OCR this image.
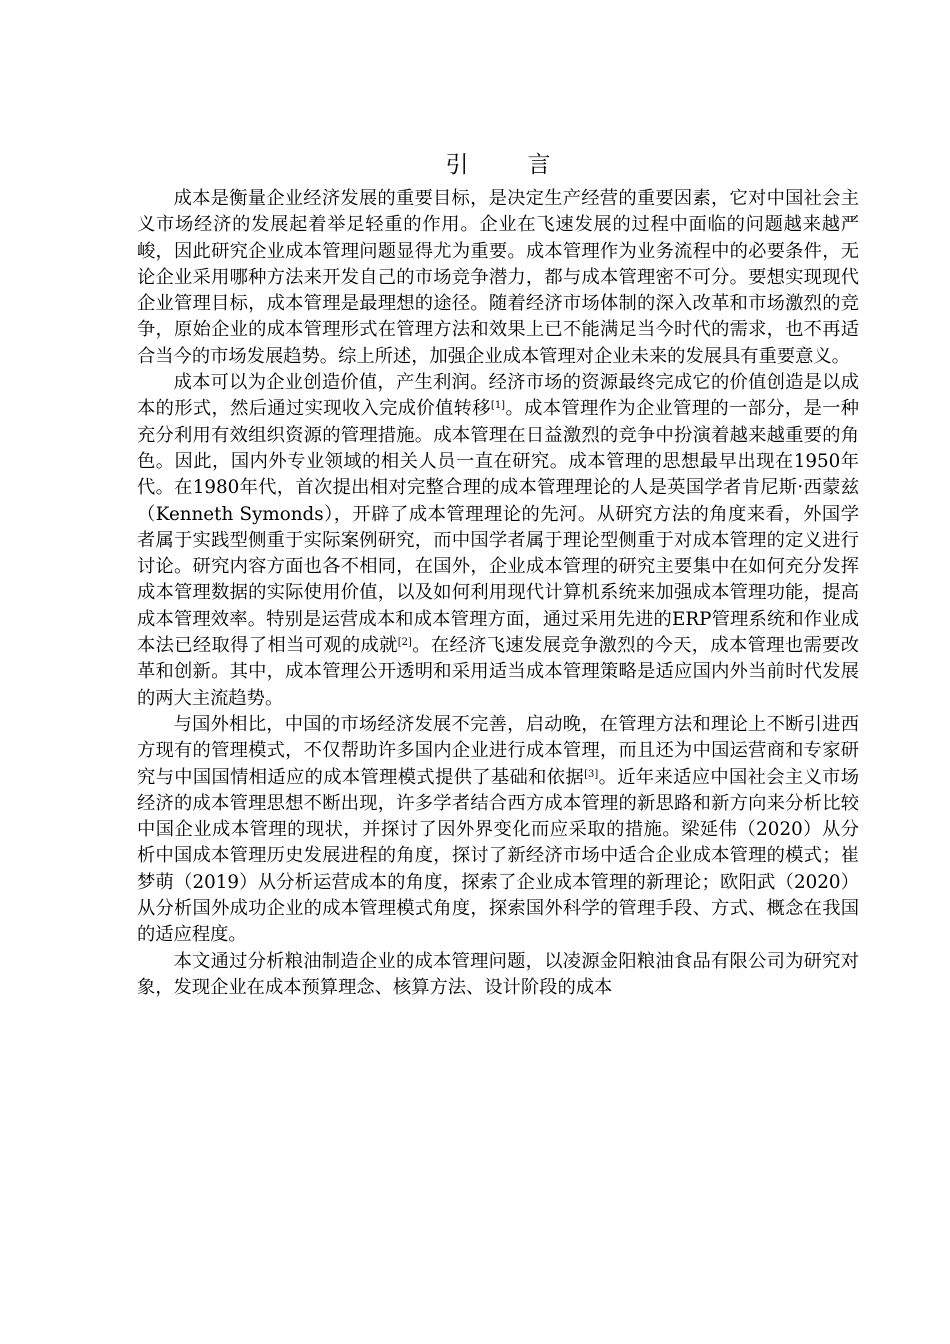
引　言

成本是衡量企业经济发展的重要目标，是决定生产经营的重要因素，它对中国社会主义市场经济的发展起着举足轻重的作用。企业在飞速发展的过程中面临的问题越来越严峻，因此研究企业成本管理问题显得尤为重要。成本管理作为业务流程中的必要条件，无论企业采用哪种方法来开发自己的市场竞争潜力，都与成本管理密不可分。要想实现现代企业管理目标，成本管理是最理想的途径。随着经济市场体制的深入改革和市场激烈的竞争，原始企业的成本管理形式在管理方法和效果上已不能满足当今时代的需求，也不再适合当今的市场发展趋势。综上所述，加强企业成本管理对企业未来的发展具有重要意义。

成本可以为企业创造价值，产生利润。经济市场的资源最终完成它的价值创造是以成本的形式，然后通过实现收入完成价值转移[1]。成本管理作为企业管理的一部分，是一种充分利用有效组织资源的管理措施。成本管理在日益激烈的竞争中扮演着越来越重要的角色。因此，国内外专业领域的相关人员一直在研究。成本管理的思想最早出现在1950年代。在1980年代，首次提出相对完整合理的成本管理理论的人是英国学者肯尼斯·西蒙兹（Kenneth Symonds），开辟了成本管理理论的先河。从研究方法的角度来看，外国学者属于实践型侧重于实际案例研究，而中国学者属于理论型侧重于对成本管理的定义进行讨论。研究内容方面也各不相同，在国外，企业成本管理的研究主要集中在如何充分发挥成本管理数据的实际使用价值，以及如何利用现代计算机系统来加强成本管理功能，提高成本管理效率。特别是运营成本和成本管理方面，通过采用先进的ERP管理系统和作业成本法已经取得了相当可观的成就[2]。在经济飞速发展竞争激烈的今天，成本管理也需要改革和创新。其中，成本管理公开透明和采用适当成本管理策略是适应国内外当前时代发展的两大主流趋势。

与国外相比，中国的市场经济发展不完善，启动晚，在管理方法和理论上不断引进西方现有的管理模式，不仅帮助许多国内企业进行成本管理，而且还为中国运营商和专家研究与中国国情相适应的成本管理模式提供了基础和依据[3]。近年来适应中国社会主义市场经济的成本管理思想不断出现，许多学者结合西方成本管理的新思路和新方向来分析比较中国企业成本管理的现状，并探讨了因外界变化而应采取的措施。梁延伟（2020）从分析中国成本管理历史发展进程的角度，探讨了新经济市场中适合企业成本管理的模式；崔梦萌（2019）从分析运营成本的角度，探索了企业成本管理的新理论；欧阳武（2020）从分析国外成功企业的成本管理模式角度，探索国外科学的管理手段、方式、概念在我国的适应程度。

本文通过分析粮油制造企业的成本管理问题，以凌源金阳粮油食品有限公司为研究对象，发现企业在成本预算理念、核算方法、设计阶段的成本
